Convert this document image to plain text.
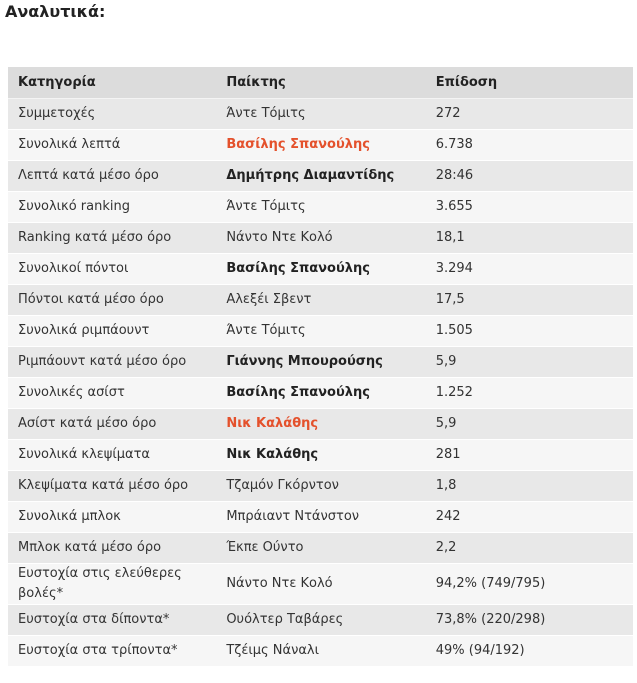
Αναλυτικά:
Κατηγορία	Παίκτης	Επίδοση
Συμμετοχές	Άντε Τόμιτς	272
Συνολικά λεπτά	Βασίλης Σπανούλης	6.738
Λεπτά κατά μέσο όρο	Δημήτρης Διαμαντίδης	28:46
Συνολικό ranking	Άντε Τόμιτς	3.655
Ranking κατά μέσο όρο	Νάντο Ντε Κολό	18,1
Συνολικοί πόντοι	Βασίλης Σπανούλης	3.294
Πόντοι κατά μέσο όρο	Αλεξέι Σβεντ	17,5
Συνολικά ριμπάουντ	Άντε Τόμιτς	1.505
Ριμπάουντ κατά μέσο όρο	Γιάννης Μπουρούσης	5,9
Συνολικές ασίστ	Βασίλης Σπανούλης	1.252
Ασίστ κατά μέσο όρο	Νικ Καλάθης	5,9
Συνολικά κλεψίματα	Νικ Καλάθης	281
Κλεψίματα κατά μέσο όρο	Τζαμόν Γκόρντον	1,8
Συνολικά μπλοκ	Μπράιαντ Ντάνστον	242
Μπλοκ κατά μέσο όρο	Έκπε Ούντο	2,2
Ευστοχία στις ελεύθερες βολές*	Νάντο Ντε Κολό	94,2% (749/795)
Ευστοχία στα δίποντα*	Ουόλτερ Ταβάρες	73,8% (220/298)
Ευστοχία στα τρίποντα*	Τζέιμς Νάναλι	49% (94/192)
